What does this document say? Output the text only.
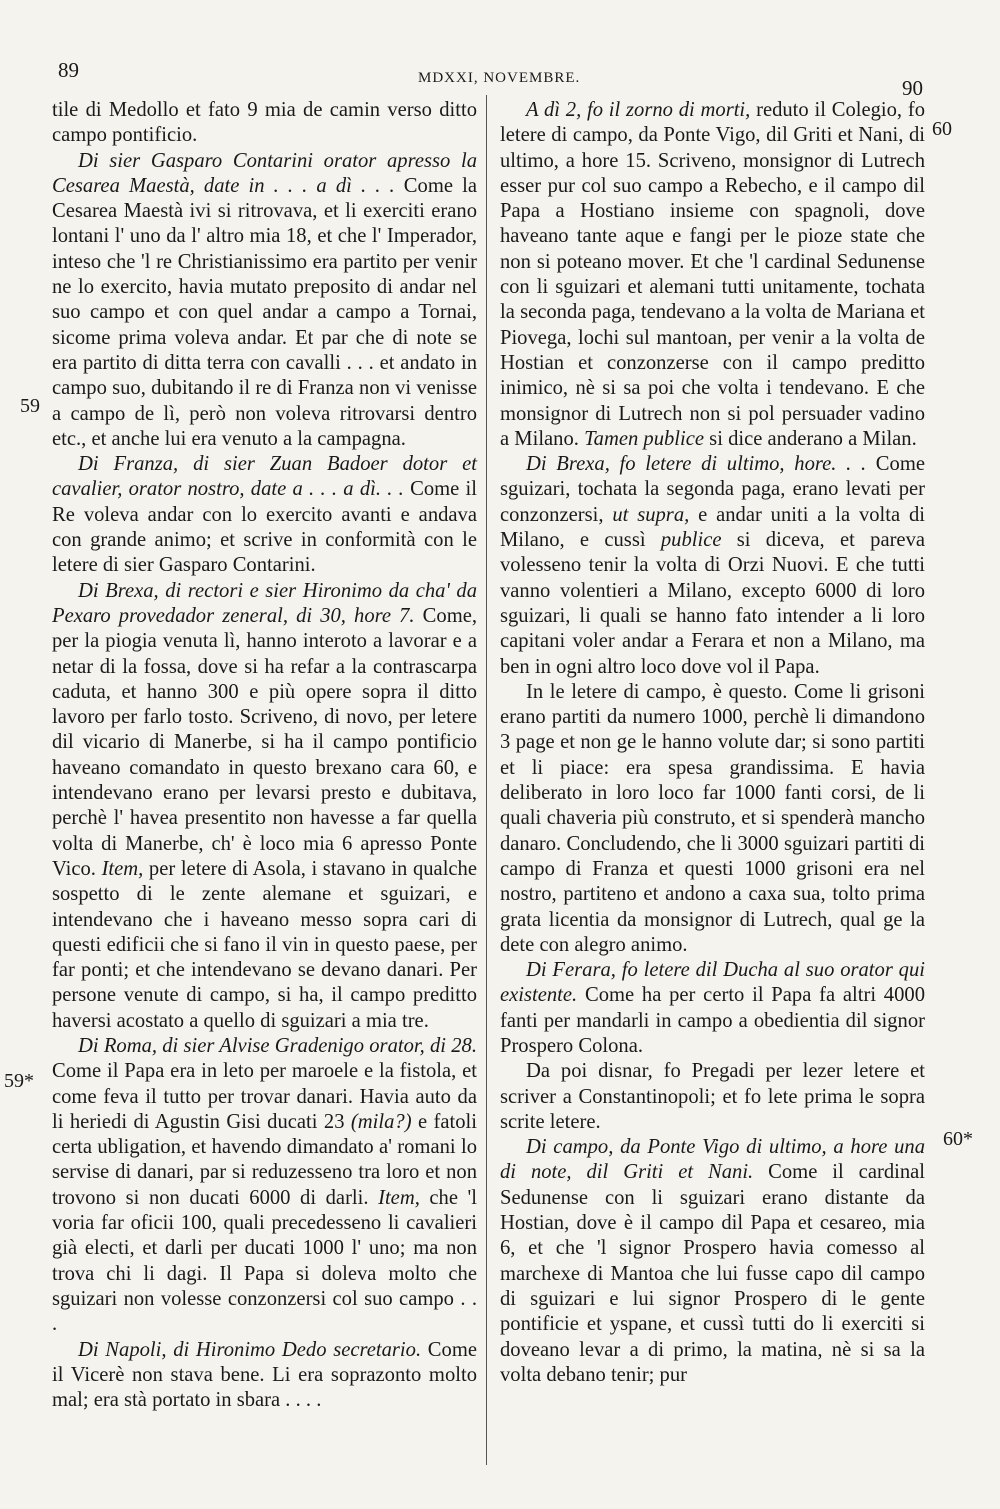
89	MDXXI, NOVEMBRE.	90
59
59*
60
60*

tile di Medollo et fato 9 mia de camin verso ditto campo pontificio.

Di sier Gasparo Contarini orator apresso la Cesarea Maestà, date in . . . a dì . . . Come la Cesarea Maestà ivi si ritrovava, et li exerciti erano lontani l' uno da l' altro mia 18, et che l' Imperador, inteso che 'l re Christianissimo era partito per venir ne lo exercito, havia mutato preposito di andar nel suo campo et con quel andar a campo a Tornai, sicome prima voleva andar. Et par che di note se era partito di ditta terra con cavalli . . . et andato in campo suo, dubitando il re di Franza non vi venisse a campo de lì, però non voleva ritrovarsi dentro etc., et anche lui era venuto a la campagna.

Di Franza, di sier Zuan Badoer dotor et cavalier, orator nostro, date a . . . a dì. . . Come il Re voleva andar con lo exercito avanti e andava con grande animo; et scrive in conformità con le letere di sier Gasparo Contarini.

Di Brexa, di rectori e sier Hironimo da cha' da Pexaro provedador zeneral, di 30, hore 7. Come, per la piogia venuta lì, hanno interoto a lavorar e a netar di la fossa, dove si ha refar a la contrascarpa caduta, et hanno 300 e più opere sopra il ditto lavoro per farlo tosto. Scriveno, di novo, per letere dil vicario di Manerbe, si ha il campo pontificio haveano comandato in questo brexano cara 60, e intendevano erano per levarsi presto e dubitava, perchè l' havea presentito non havesse a far quella volta di Manerbe, ch' è loco mia 6 apresso Ponte Vico. Item, per letere di Asola, i stavano in qualche sospetto di le zente alemane et sguizari, e intendevano che i haveano messo sopra cari di questi edificii che si fano il vin in questo paese, per far ponti; et che intendevano se devano danari. Per persone venute di campo, si ha, il campo preditto haversi acostato a quello di sguizari a mia tre.

Di Roma, di sier Alvise Gradenigo orator, di 28. Come il Papa era in leto per maroele e la fistola, et come feva il tutto per trovar danari. Havia auto da li heriedi di Agustin Gisi ducati 23 (mila?) e fatoli certa ubligation, et havendo dimandato a' romani lo servise di danari, par si reduzesseno tra loro et non trovono si non ducati 6000 di darli. Item, che 'l voria far oficii 100, quali precedesseno li cavalieri già electi, et darli per ducati 1000 l' uno; ma non trova chi li dagi. Il Papa si doleva molto che sguizari non volesse conzonzersi col suo campo . . .

Di Napoli, di Hironimo Dedo secretario. Come il Vicerè non stava bene. Li era soprazonto molto mal; era stà portato in sbara . . . .

A dì 2, fo il zorno di morti, reduto il Colegio, fo letere di campo, da Ponte Vigo, dil Griti et Nani, di ultimo, a hore 15. Scriveno, monsignor di Lutrech esser pur col suo campo a Rebecho, e il campo dil Papa a Hostiano insieme con spagnoli, dove haveano tante aque e fangi per le pioze state che non si poteano mover. Et che 'l cardinal Sedunense con li sguizari et alemani tutti unitamente, tochata la seconda paga, tendevano a la volta de Mariana et Piovega, lochi sul mantoan, per venir a la volta de Hostian et conzonzerse con il campo preditto inimico, nè si sa poi che volta i tendevano. E che monsignor di Lutrech non si pol persuader vadino a Milano. Tamen publice si dice anderano a Milan.

Di Brexa, fo letere di ultimo, hore. . . Come sguizari, tochata la segonda paga, erano levati per conzonzersi, ut supra, e andar uniti a la volta di Milano, e cussì publice si diceva, et pareva volesseno tenir la volta di Orzi Nuovi. E che tutti vanno volentieri a Milano, excepto 6000 di loro sguizari, li quali se hanno fato intender a li loro capitani voler andar a Ferara et non a Milano, ma ben in ogni altro loco dove vol il Papa.

In le letere di campo, è questo. Come li grisoni erano partiti da numero 1000, perchè li dimandono 3 page et non ge le hanno volute dar; si sono partiti et li piace: era spesa grandissima. E havia deliberato in loro loco far 1000 fanti corsi, de li quali chaveria più construto, et si spenderà mancho danaro. Concludendo, che li 3000 sguizari partiti di campo di Franza et questi 1000 grisoni era nel nostro, partiteno et andono a caxa sua, tolto prima grata licentia da monsignor di Lutrech, qual ge la dete con alegro animo.

Di Ferara, fo letere dil Ducha al suo orator qui existente. Come ha per certo il Papa fa altri 4000 fanti per mandarli in campo a obedientia dil signor Prospero Colona.

Da poi disnar, fo Pregadi per lezer letere et scriver a Constantinopoli; et fo lete prima le sopra scrite letere.

Di campo, da Ponte Vigo di ultimo, a hore una di note, dil Griti et Nani. Come il cardinal Sedunense con li sguizari erano distante da Hostian, dove è il campo dil Papa et cesareo, mia 6, et che 'l signor Prospero havia comesso al marchexe di Mantoa che lui fusse capo dil campo di sguizari e lui signor Prospero di le gente pontificie et yspane, et cussì tutti do li exerciti si doveano levar a di primo, la matina, nè si sa la volta debano tenir; pur
